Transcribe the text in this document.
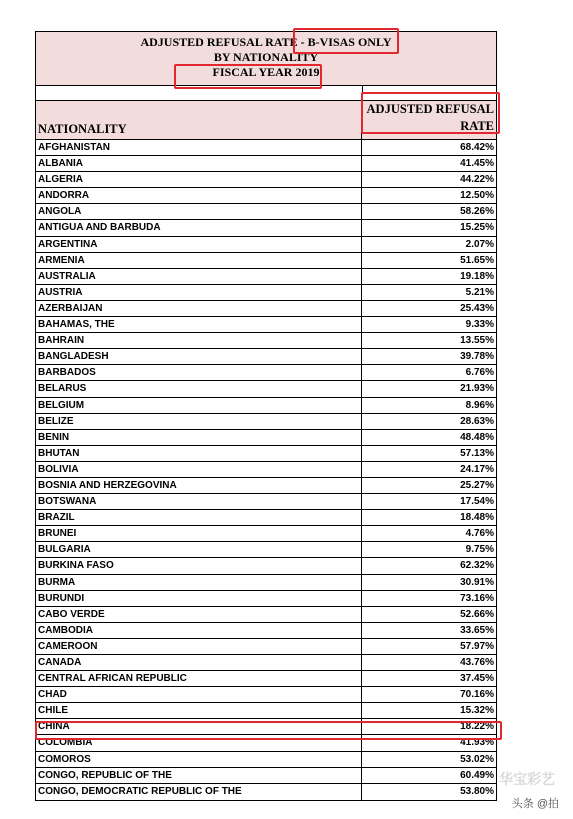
ADJUSTED REFUSAL RATE - B-VISAS ONLY
BY NATIONALITY
FISCAL YEAR 2019
NATIONALITY
ADJUSTED REFUSAL RATE
AFGHANISTAN	68.42%
ALBANIA	41.45%
ALGERIA	44.22%
ANDORRA	12.50%
ANGOLA	58.26%
ANTIGUA AND BARBUDA	15.25%
ARGENTINA	2.07%
ARMENIA	51.65%
AUSTRALIA	19.18%
AUSTRIA	5.21%
AZERBAIJAN	25.43%
BAHAMAS, THE	9.33%
BAHRAIN	13.55%
BANGLADESH	39.78%
BARBADOS	6.76%
BELARUS	21.93%
BELGIUM	8.96%
BELIZE	28.63%
BENIN	48.48%
BHUTAN	57.13%
BOLIVIA	24.17%
BOSNIA AND HERZEGOVINA	25.27%
BOTSWANA	17.54%
BRAZIL	18.48%
BRUNEI	4.76%
BULGARIA	9.75%
BURKINA FASO	62.32%
BURMA	30.91%
BURUNDI	73.16%
CABO VERDE	52.66%
CAMBODIA	33.65%
CAMEROON	57.97%
CANADA	43.76%
CENTRAL AFRICAN REPUBLIC	37.45%
CHAD	70.16%
CHILE	15.32%
CHINA	18.22%
COLOMBIA	41.93%
COMOROS	53.02%
CONGO, REPUBLIC OF THE	60.49%
CONGO, DEMOCRATIC REPUBLIC OF THE	53.80%
华宝彩艺
头条 @拍
